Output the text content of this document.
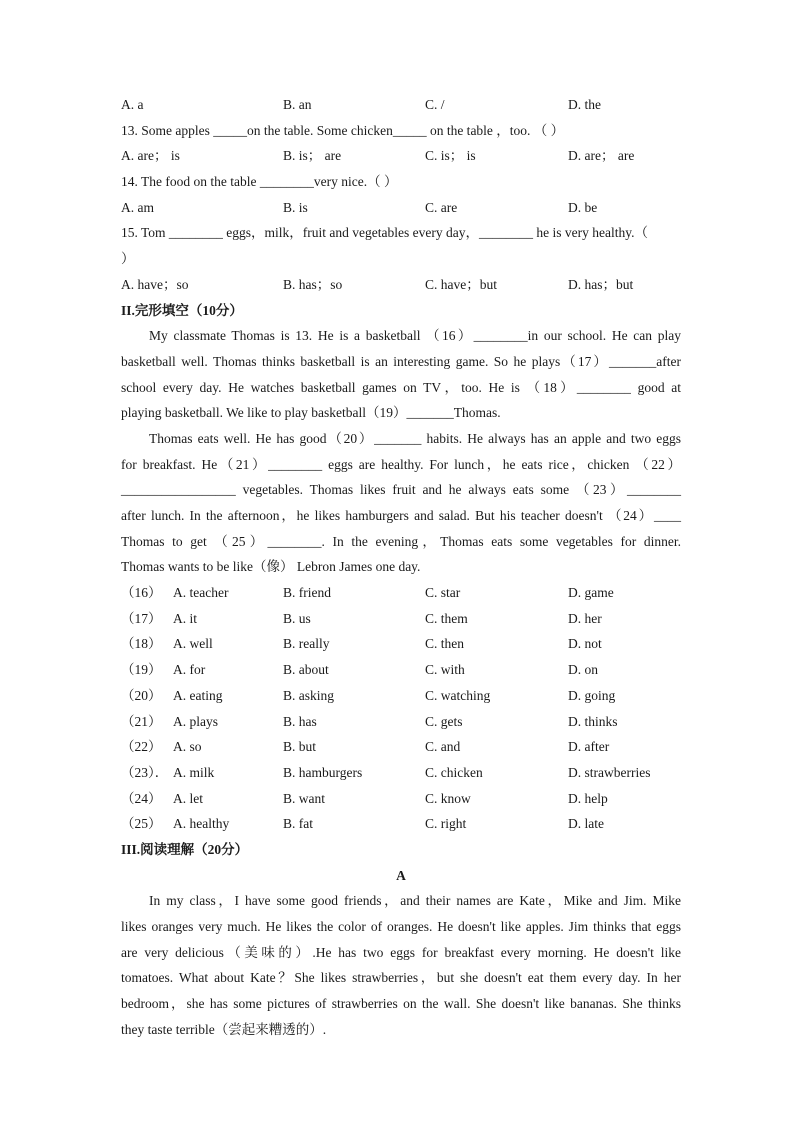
A. a	B. an	C. /	D. the
13. Some apples _____on the table. Some chicken_____ on the table ，too. （ ）
A. are； is	B. is； are	C. is； is	D. are； are
14. The food on the table ________very nice.（ ）
A. am	B. is	C. are	D. be
15. Tom ________ eggs，milk，fruit and vegetables every day，________ he is very healthy.（
）
A. have；so	B. has；so	C. have；but	D. has；but
II.完形填空（10分）
My classmate Thomas is 13. He is a basketball （16）________in our school. He can play
basketball well. Thomas thinks basketball is an interesting game. So he plays（17）_______after
school every day. He watches basketball games on TV，too. He is （18）________ good at
playing basketball. We like to play basketball（19）_______Thomas.
Thomas eats well. He has good（20）_______ habits. He always has an apple and two eggs
for breakfast. He（21）________ eggs are healthy. For lunch，he eats rice，chicken （22）
_________________ vegetables. Thomas likes fruit and he always eats some （23）________
after lunch. In the afternoon，he likes hamburgers and salad. But his teacher doesn't （24）____
Thomas to get （25）________. In the evening，Thomas eats some vegetables for dinner.
Thomas wants to be like（像） Lebron James one day.
（16） A. teacher	B. friend	C. star	D. game
（17） A. it	B. us	C. them	D. her
（18） A. well	B. really	C. then	D. not
（19） A. for	B. about	C. with	D. on
（20） A. eating	B. asking	C. watching	D. going
（21） A. plays	B. has	C. gets	D. thinks
（22） A. so	B. but	C. and	D. after
（23）． A. milk	B. hamburgers	C. chicken	D. strawberries
（24） A. let	B. want	C. know	D. help
（25） A. healthy	B. fat	C. right	D. late
III.阅读理解（20分）
A
In my class，I have some good friends，and their names are Kate，Mike and Jim. Mike
likes oranges very much. He likes the color of oranges. He doesn't like apples. Jim thinks that eggs
are very delicious（美味的）.He has two eggs for breakfast every morning. He doesn't like
tomatoes. What about Kate？She likes strawberries，but she doesn't eat them every day. In her
bedroom，she has some pictures of strawberries on the wall. She doesn't like bananas. She thinks
they taste terrible（尝起来糟透的）.
